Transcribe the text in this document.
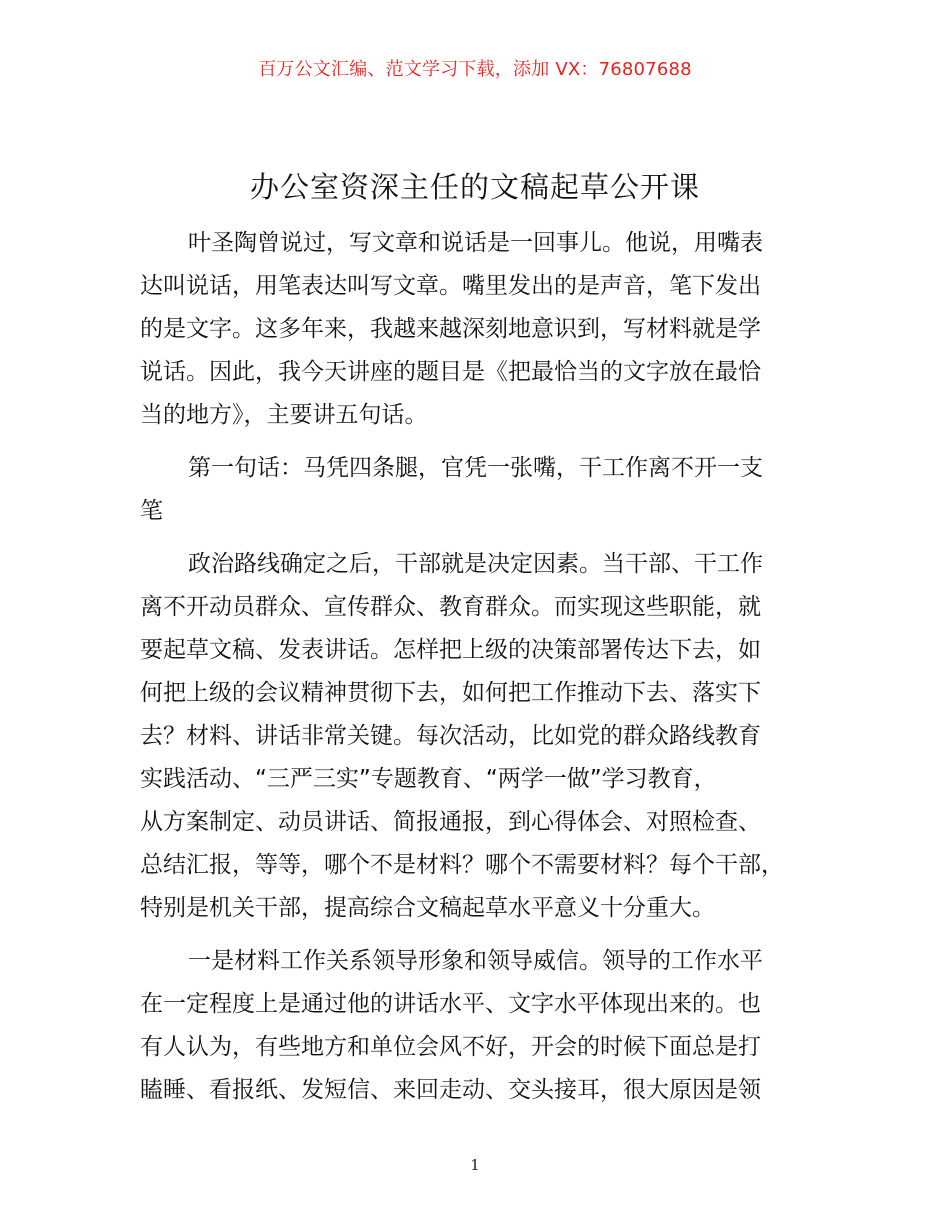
百万公文汇编、范文学习下载，添加 VX：76807688
办公室资深主任的文稿起草公开课
叶圣陶曾说过，写文章和说话是一回事儿。他说，用嘴表
达叫说话，用笔表达叫写文章。嘴里发出的是声音，笔下发出
的是文字。这多年来，我越来越深刻地意识到，写材料就是学
说话。因此，我今天讲座的题目是《把最恰当的文字放在最恰
当的地方》，主要讲五句话。
第一句话：马凭四条腿，官凭一张嘴，干工作离不开一支
笔
政治路线确定之后，干部就是决定因素。当干部、干工作
离不开动员群众、宣传群众、教育群众。而实现这些职能，就
要起草文稿、发表讲话。怎样把上级的决策部署传达下去，如
何把上级的会议精神贯彻下去，如何把工作推动下去、落实下
去？材料、讲话非常关键。每次活动，比如党的群众路线教育
实践活动、“三严三实”专题教育、“两学一做”学习教育，
从方案制定、动员讲话、简报通报，到心得体会、对照检查、
总结汇报，等等，哪个不是材料？哪个不需要材料？每个干部，
特别是机关干部，提高综合文稿起草水平意义十分重大。
一是材料工作关系领导形象和领导威信。领导的工作水平
在一定程度上是通过他的讲话水平、文字水平体现出来的。也
有人认为，有些地方和单位会风不好，开会的时候下面总是打
瞌睡、看报纸、发短信、来回走动、交头接耳，很大原因是领
1
